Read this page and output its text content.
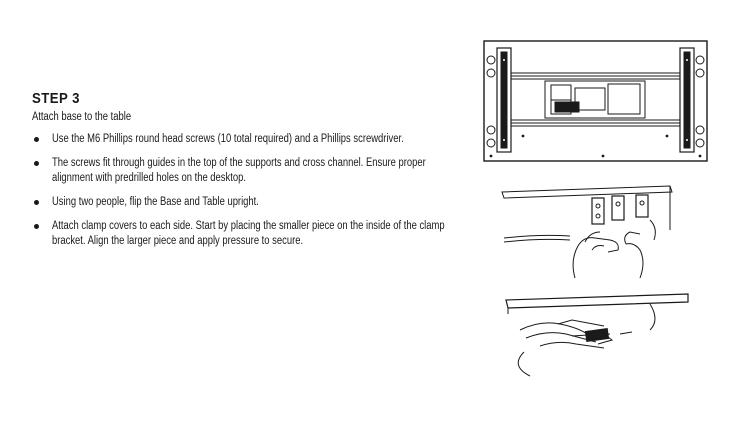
STEP 3

Attach base to the table

Use the M6 Phillips round head screws (10 total required) and a Phillips screwdriver.
The screws fit through guides in the top of the supports and cross channel. Ensure proper alignment with predrilled holes on the desktop.
Using two people, flip the Base and Table upright.
Attach clamp covers to each side. Start by placing the smaller piece on the inside of the clamp bracket. Align the larger piece and apply pressure to secure.
